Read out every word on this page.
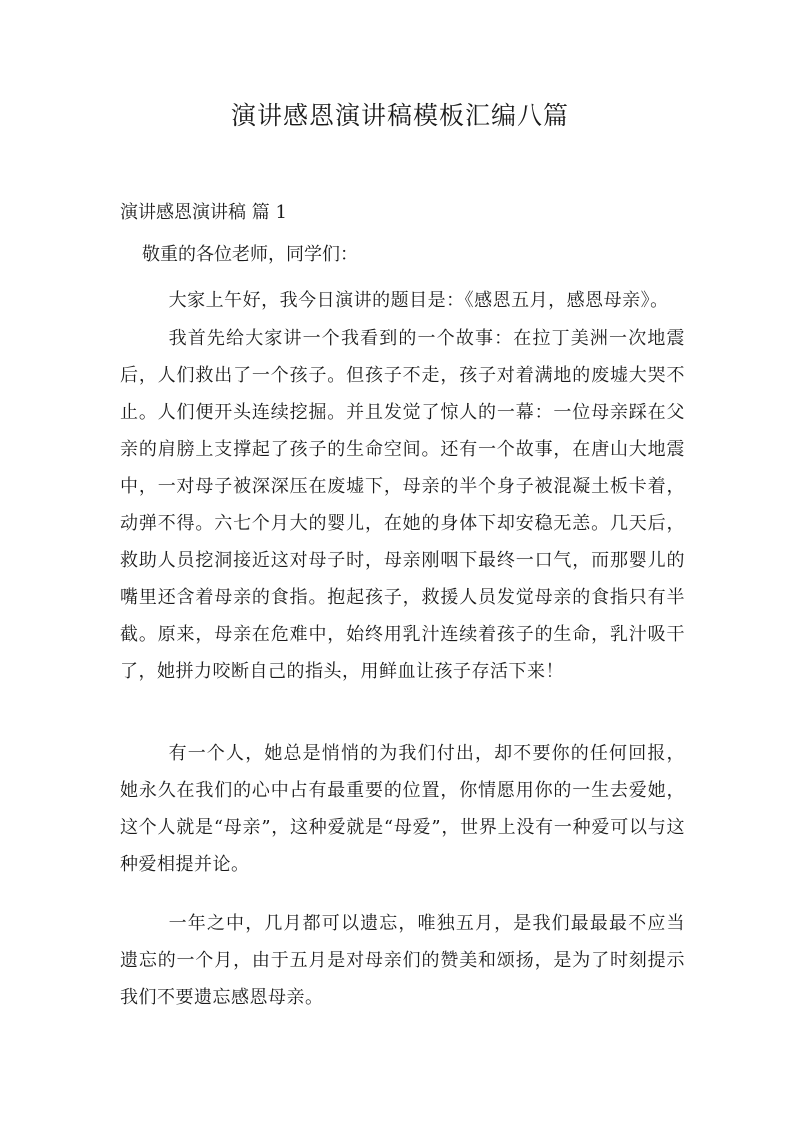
演讲感恩演讲稿模板汇编八篇
演讲感恩演讲稿 篇 1

敬重的各位老师，同学们：

大家上午好，我今日演讲的题目是：《感恩五月，感恩母亲》。

我首先给大家讲一个我看到的一个故事：在拉丁美洲一次地震后，人们救出了一个孩子。但孩子不走，孩子对着满地的废墟大哭不止。人们便开头连续挖掘。并且发觉了惊人的一幕：一位母亲踩在父亲的肩膀上支撑起了孩子的生命空间。还有一个故事，在唐山大地震中，一对母子被深深压在废墟下，母亲的半个身子被混凝土板卡着，动弹不得。六七个月大的婴儿，在她的身体下却安稳无恙。几天后，救助人员挖洞接近这对母子时，母亲刚咽下最终一口气，而那婴儿的嘴里还含着母亲的食指。抱起孩子，救援人员发觉母亲的食指只有半截。原来，母亲在危难中，始终用乳汁连续着孩子的生命，乳汁吸干了，她拼力咬断自己的指头，用鲜血让孩子存活下来！

有一个人，她总是悄悄的为我们付出，却不要你的任何回报，她永久在我们的心中占有最重要的位置，你情愿用你的一生去爱她，这个人就是“母亲”，这种爱就是“母爱”，世界上没有一种爱可以与这种爱相提并论。

一年之中，几月都可以遗忘，唯独五月，是我们最最最不应当遗忘的一个月，由于五月是对母亲们的赞美和颂扬，是为了时刻提示我们不要遗忘感恩母亲。
